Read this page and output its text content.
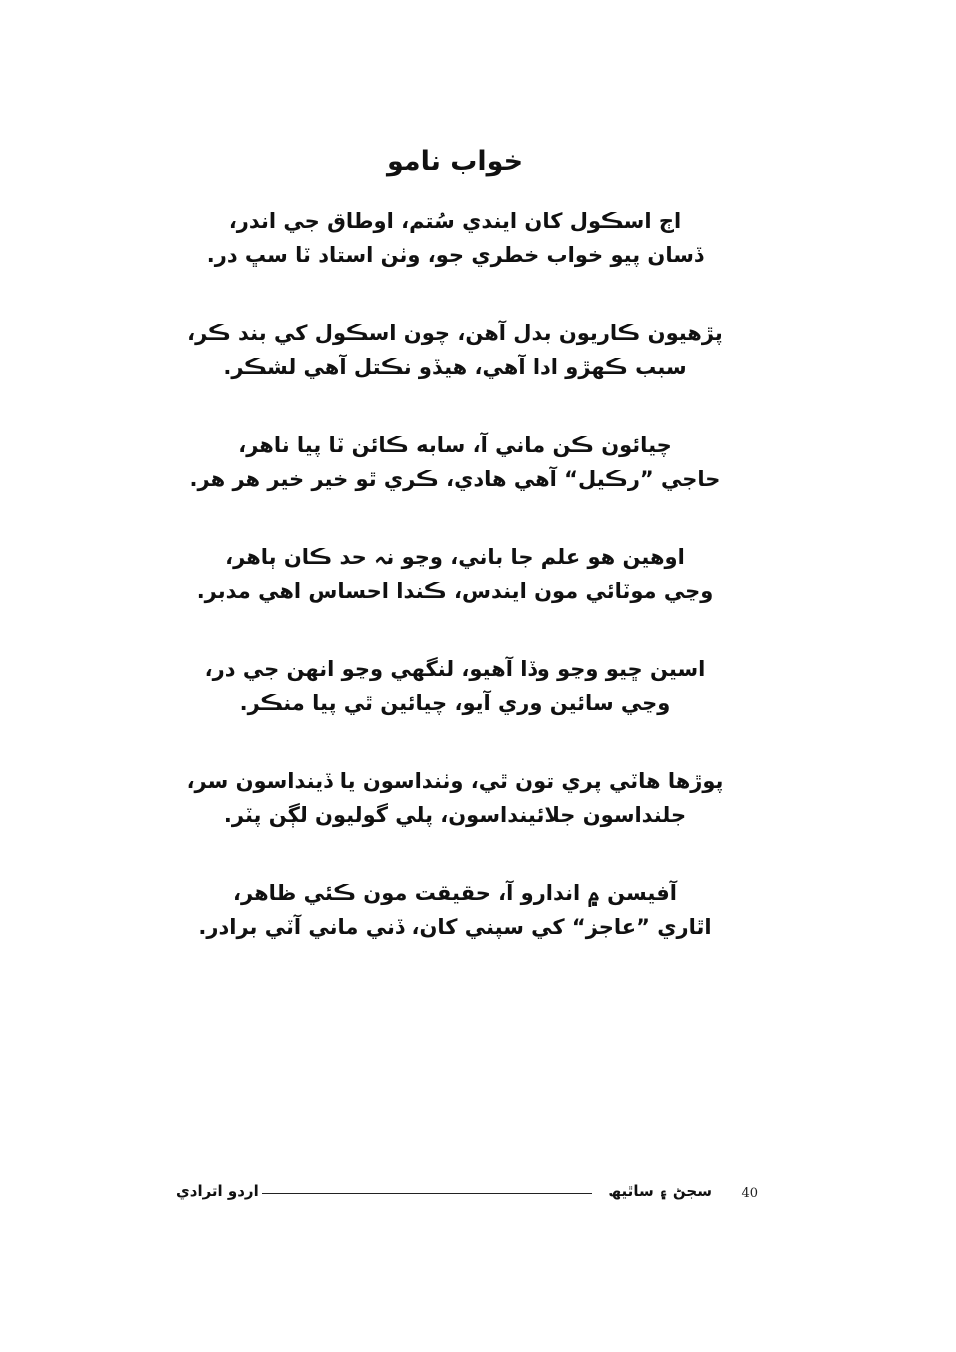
خواب نامو
اڄ اسڪول کان ايندي سُتم، اوطاق جي اندر،
ڏسان پيو خواب خطري جو، وٺن استاد ٽا سڀ در.
پڙهيون ڪاريون بدل آهن، چون اسڪول کي بند ڪر،
سبب ڪهڙو ادا آهي، هيڏو نڪتل آهي لشڪر.
چيائون ڪن ماني آ، سابه ڪائن ٽا پيا ناهر،
حاجي ”رڪيل“ آهي هادي، ڪري ٿو خير خير هر هر.
اوهين هو علم جا باني، وڃو نہ حد ڪان ٻاهر،
وڃي موٽائي مون ايندس، ڪندا احساس اهي مدبر.
اسين ڇيو وڃو وڏا آهيو، لنگهي وڃو انهن جي در،
وڃي سائين وري آيو، چيائين ٿي پيا منڪر.
پوڙها هاٽي پري تون ٿي، وٺنداسون يا ڏينداسون سر،
جلنداسون جلائينداسون، پلي گوليون لڳن پٽر.
آفيسن ۾ اندارو آ، حقيقت مون ڪئي ظاهر،
اٿاري ”عاجز“ کي سپني کان، ڏني ماني آٽي برادر.
40
سجڻ ۽ ساٿيھ
اردو اترادي
